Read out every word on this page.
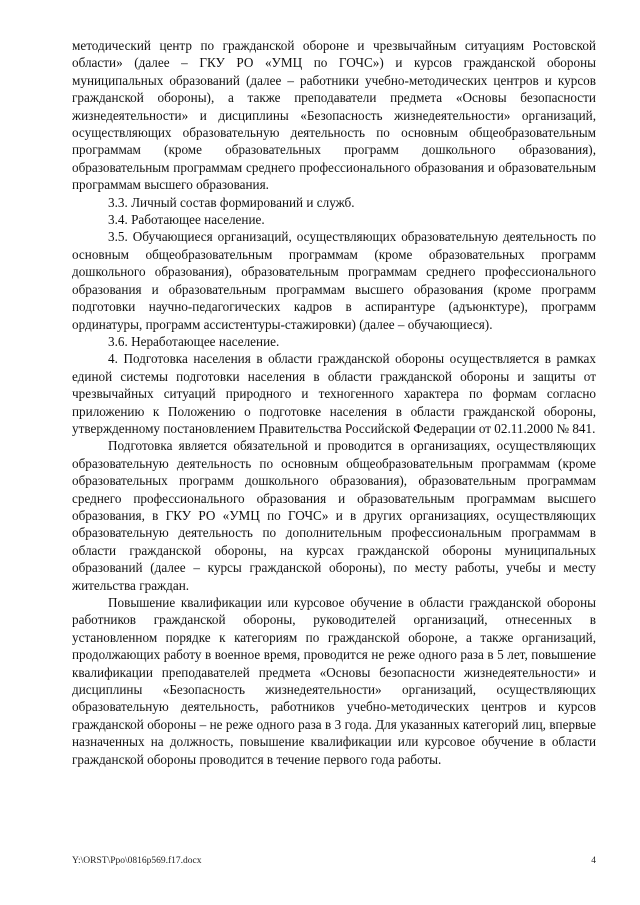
методический центр по гражданской обороне и чрезвычайным ситуациям Ростовской области» (далее – ГКУ РО «УМЦ по ГОЧС») и курсов гражданской обороны муниципальных образований (далее – работники учебно-методических центров и курсов гражданской обороны), а также преподаватели предмета «Основы безопасности жизнедеятельности» и дисциплины «Безопасность жизнедеятельности» организаций, осуществляющих образовательную деятельность по основным общеобразовательным программам (кроме образовательных программ дошкольного образования), образовательным программам среднего профессионального образования и образовательным программам высшего образования.

3.3. Личный состав формирований и служб.

3.4. Работающее население.

3.5. Обучающиеся организаций, осуществляющих образовательную деятельность по основным общеобразовательным программам (кроме образовательных программ дошкольного образования), образовательным программам среднего профессионального образования и образовательным программам высшего образования (кроме программ подготовки научно-педагогических кадров в аспирантуре (адъюнктуре), программ ординатуры, программ ассистентуры-стажировки) (далее – обучающиеся).

3.6. Неработающее население.

4. Подготовка населения в области гражданской обороны осуществляется в рамках единой системы подготовки населения в области гражданской обороны и защиты от чрезвычайных ситуаций природного и техногенного характера по формам согласно приложению к Положению о подготовке населения в области гражданской обороны, утвержденному постановлением Правительства Российской Федерации от 02.11.2000 № 841.

Подготовка является обязательной и проводится в организациях, осуществляющих образовательную деятельность по основным общеобразовательным программам (кроме образовательных программ дошкольного образования), образовательным программам среднего профессионального образования и образовательным программам высшего образования, в ГКУ РО «УМЦ по ГОЧС» и в других организациях, осуществляющих образовательную деятельность по дополнительным профессиональным программам в области гражданской обороны, на курсах гражданской обороны муниципальных образований (далее – курсы гражданской обороны), по месту работы, учебы и месту жительства граждан.

Повышение квалификации или курсовое обучение в области гражданской обороны работников гражданской обороны, руководителей организаций, отнесенных в установленном порядке к категориям по гражданской обороне, а также организаций, продолжающих работу в военное время, проводится не реже одного раза в 5 лет, повышение квалификации преподавателей предмета «Основы безопасности жизнедеятельности» и дисциплины «Безопасность жизнедеятельности» организаций, осуществляющих образовательную деятельность, работников учебно-методических центров и курсов гражданской обороны – не реже одного раза в 3 года. Для указанных категорий лиц, впервые назначенных на должность, повышение квалификации или курсовое обучение в области гражданской обороны проводится в течение первого года работы.

Y:\ORST\Ppo\0816p569.f17.docx	4
